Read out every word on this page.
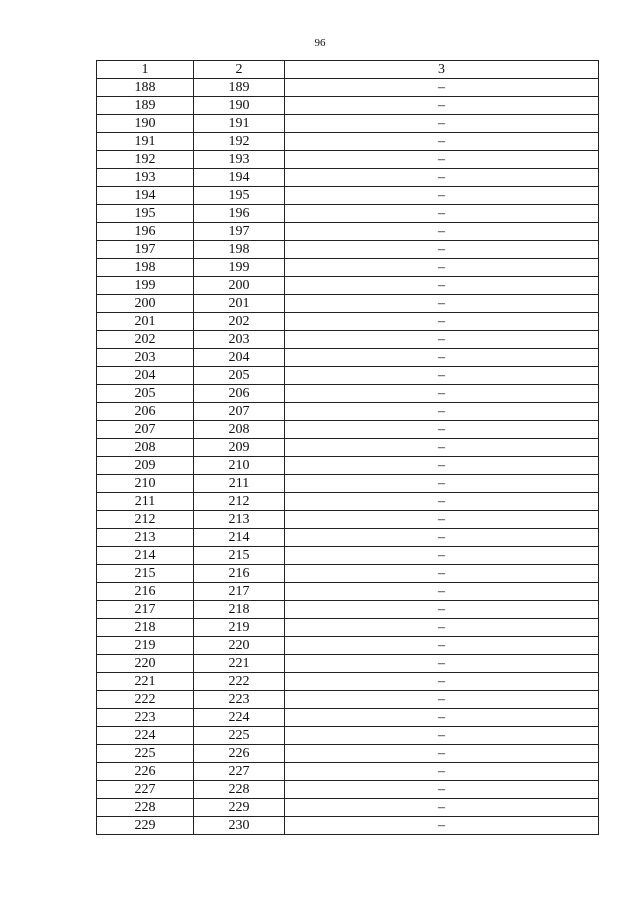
96
1	2	3
188	189	–
189	190	–
190	191	–
191	192	–
192	193	–
193	194	–
194	195	–
195	196	–
196	197	–
197	198	–
198	199	–
199	200	–
200	201	–
201	202	–
202	203	–
203	204	–
204	205	–
205	206	–
206	207	–
207	208	–
208	209	–
209	210	–
210	211	–
211	212	–
212	213	–
213	214	–
214	215	–
215	216	–
216	217	–
217	218	–
218	219	–
219	220	–
220	221	–
221	222	–
222	223	–
223	224	–
224	225	–
225	226	–
226	227	–
227	228	–
228	229	–
229	230	–
